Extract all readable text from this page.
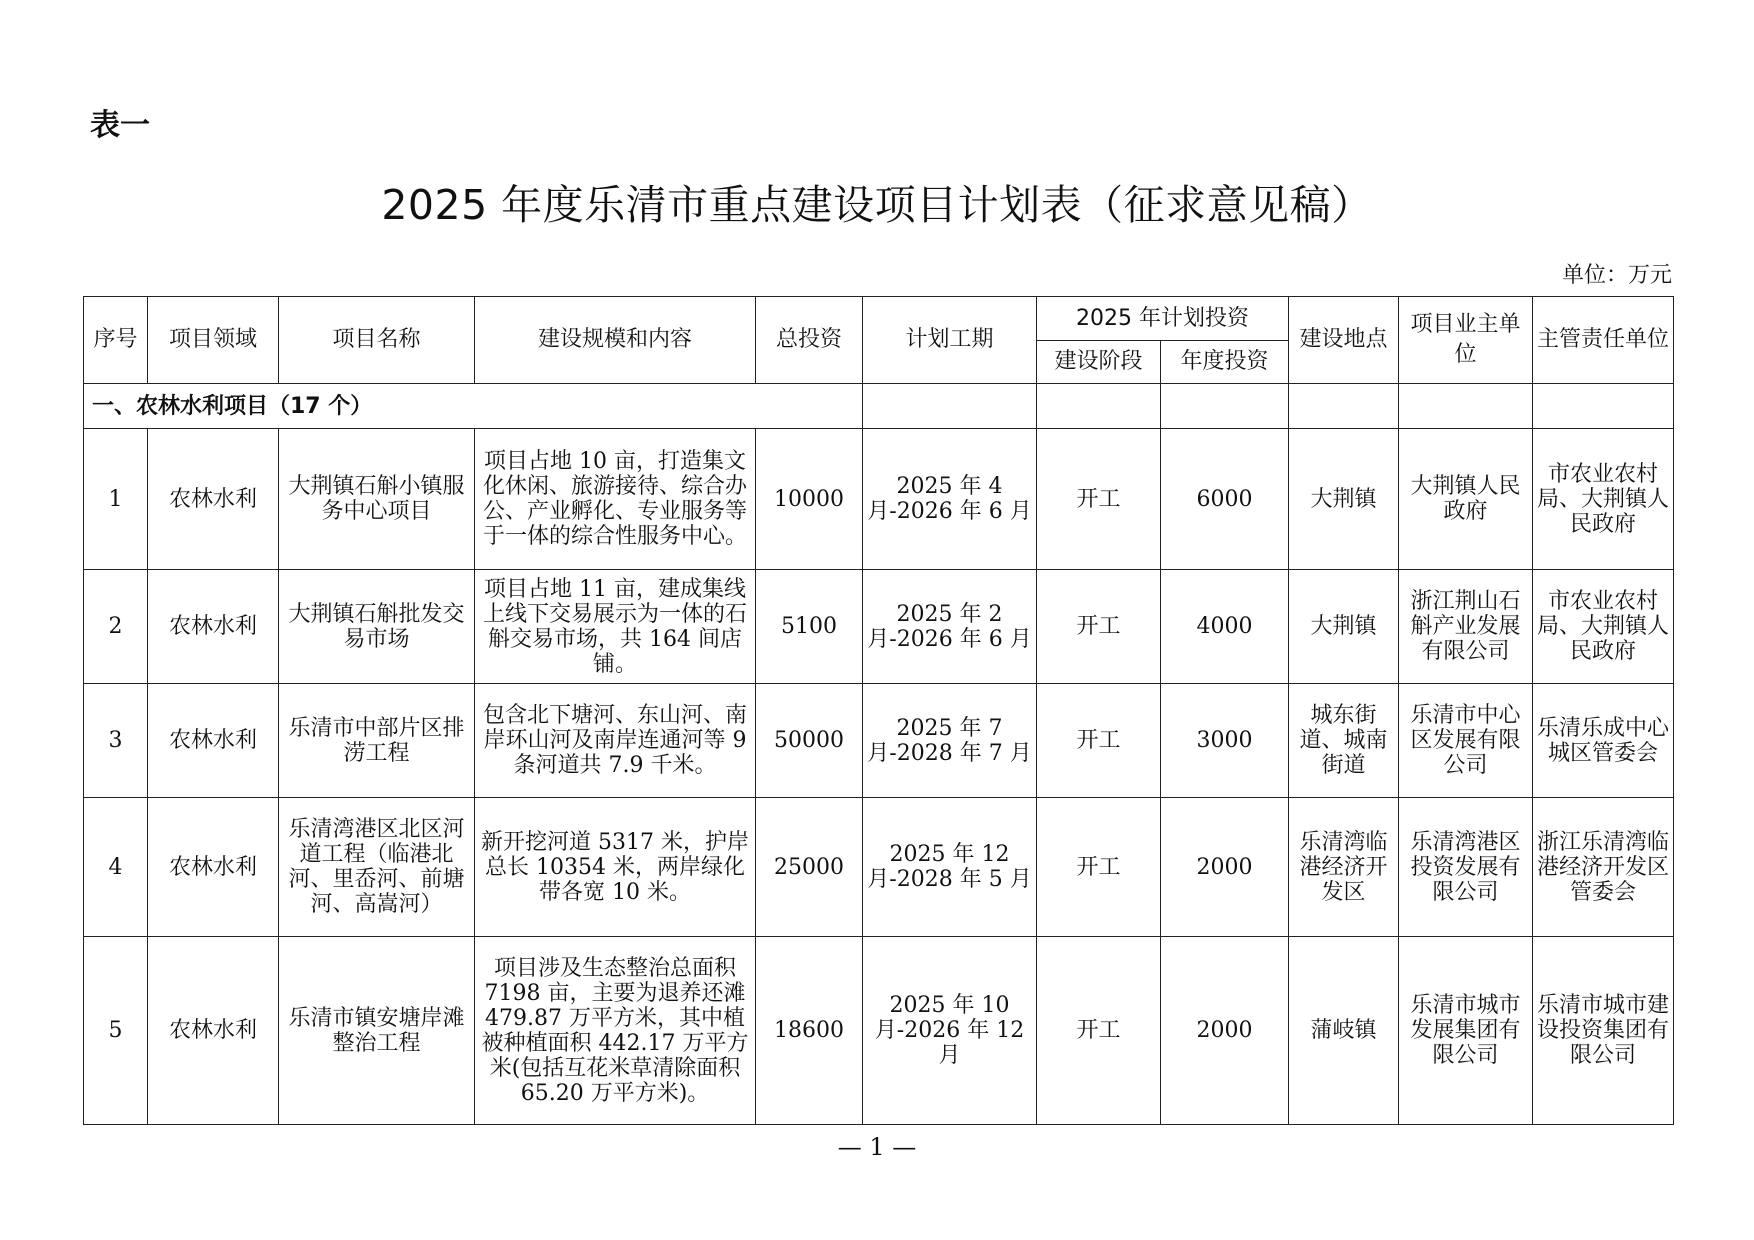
表一
2025 年度乐清市重点建设项目计划表（征求意见稿）
单位：万元
序号	项目领域	项目名称	建设规模和内容	总投资	计划工期	2025 年计划投资		建设地点	项目业主单位	主管责任单位
						建设阶段	年度投资			
一、农林水利项目（17 个）										
1	农林水利	大荆镇石斛小镇服务中心项目	项目占地 10 亩，打造集文化休闲、旅游接待、综合办公、产业孵化、专业服务等于一体的综合性服务中心。	10000	2025 年 4 月-2026 年 6 月	开工	6000	大荆镇	大荆镇人民政府	市农业农村局、大荆镇人民政府
2	农林水利	大荆镇石斛批发交易市场	项目占地 11 亩，建成集线上线下交易展示为一体的石斛交易市场，共 164 间店铺。	5100	2025 年 2 月-2026 年 6 月	开工	4000	大荆镇	浙江荆山石斛产业发展有限公司	市农业农村局、大荆镇人民政府
3	农林水利	乐清市中部片区排涝工程	包含北下塘河、东山河、南岸环山河及南岸连通河等 9 条河道共 7.9 千米。	50000	2025 年 7 月-2028 年 7 月	开工	3000	城东街道、城南街道	乐清市中心区发展有限公司	乐清乐成中心城区管委会
4	农林水利	乐清湾港区北区河道工程（临港北河、里岙河、前塘河、高嵩河）	新开挖河道 5317 米，护岸总长 10354 米，两岸绿化带各宽 10 米。	25000	2025 年 12 月-2028 年 5 月	开工	2000	乐清湾临港经济开发区	乐清湾港区投资发展有限公司	浙江乐清湾临港经济开发区管委会
5	农林水利	乐清市镇安塘岸滩整治工程	项目涉及生态整治总面积 7198 亩，主要为退养还滩 479.87 万平方米，其中植被种植面积 442.17 万平方米(包括互花米草清除面积 65.20 万平方米)。	18600	2025 年 10 月-2026 年 12 月	开工	2000	蒲岐镇	乐清市城市发展集团有限公司	乐清市城市建设投资集团有限公司
— 1 —
